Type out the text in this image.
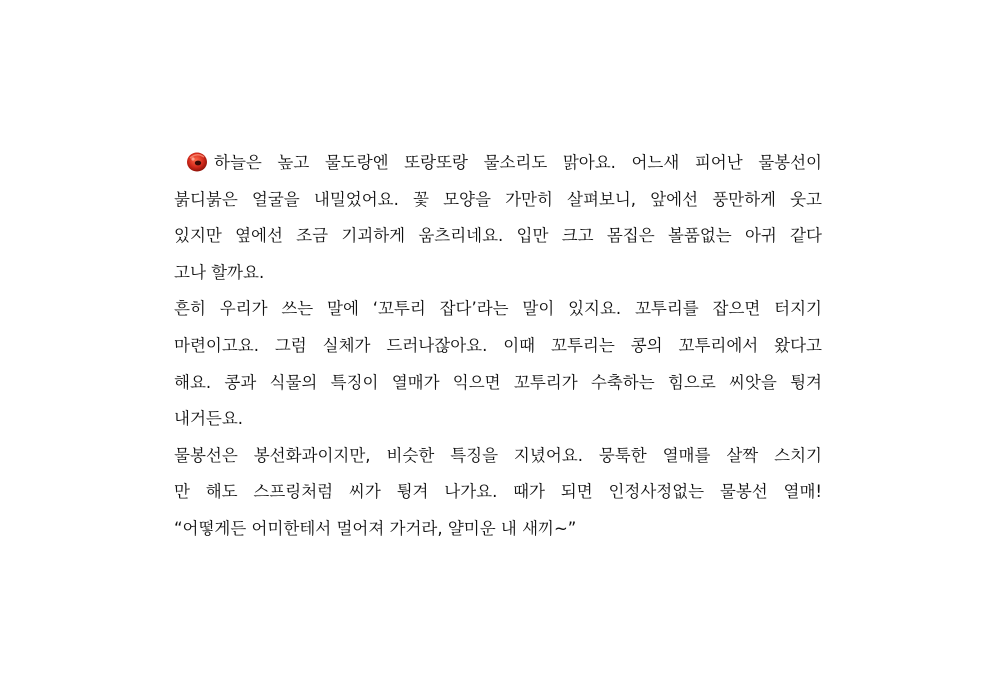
하늘은 높고 물도랑엔 또랑또랑 물소리도 맑아요. 어느새 피어난 물봉선이
붉디붉은 얼굴을 내밀었어요. 꽃 모양을 가만히 살펴보니, 앞에선 풍만하게 웃고
있지만 옆에선 조금 기괴하게 움츠리네요. 입만 크고 몸집은 볼품없는 아귀 같다
고나 할까요.
흔히 우리가 쓰는 말에 ‘꼬투리 잡다’라는 말이 있지요. 꼬투리를 잡으면 터지기
마련이고요. 그럼 실체가 드러나잖아요. 이때 꼬투리는 콩의 꼬투리에서 왔다고
해요. 콩과 식물의 특징이 열매가 익으면 꼬투리가 수축하는 힘으로 씨앗을 튕겨
내거든요.
물봉선은 봉선화과이지만, 비슷한 특징을 지녔어요. 뭉툭한 열매를 살짝 스치기
만 해도 스프링처럼 씨가 튕겨 나가요. 때가 되면 인정사정없는 물봉선 열매!
“어떻게든 어미한테서 멀어져 가거라, 얄미운 내 새끼~”
